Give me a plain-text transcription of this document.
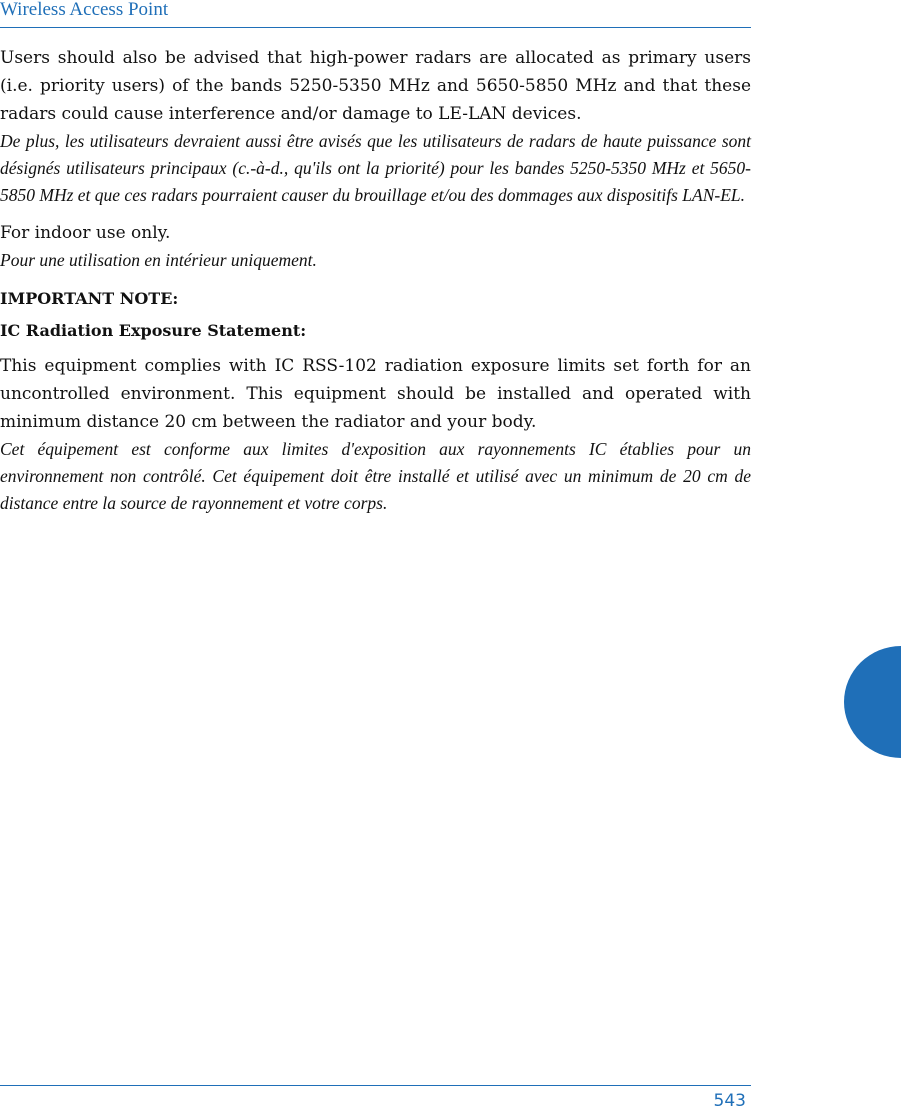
Wireless Access Point

Users should also be advised that high-power radars are allocated as primary users (i.e. priority users) of the bands 5250-5350 MHz and 5650-5850 MHz and that these radars could cause interference and/or damage to LE-LAN devices.

De plus, les utilisateurs devraient aussi être avisés que les utilisateurs de radars de haute puissance sont désignés utilisateurs principaux (c.-à-d., qu'ils ont la priorité) pour les bandes 5250-5350 MHz et 5650-5850 MHz et que ces radars pourraient causer du brouillage et/ou des dommages aux dispositifs LAN-EL.

For indoor use only.

Pour une utilisation en intérieur uniquement.

IMPORTANT NOTE:

IC Radiation Exposure Statement:

This equipment complies with IC RSS-102 radiation exposure limits set forth for an uncontrolled environment. This equipment should be installed and operated with minimum distance 20 cm between the radiator and your body.

Cet équipement est conforme aux limites d'exposition aux rayonnements IC établies pour un environnement non contrôlé. Cet équipement doit être installé et utilisé avec un minimum de 20 cm de distance entre la source de rayonnement et votre corps.

543
